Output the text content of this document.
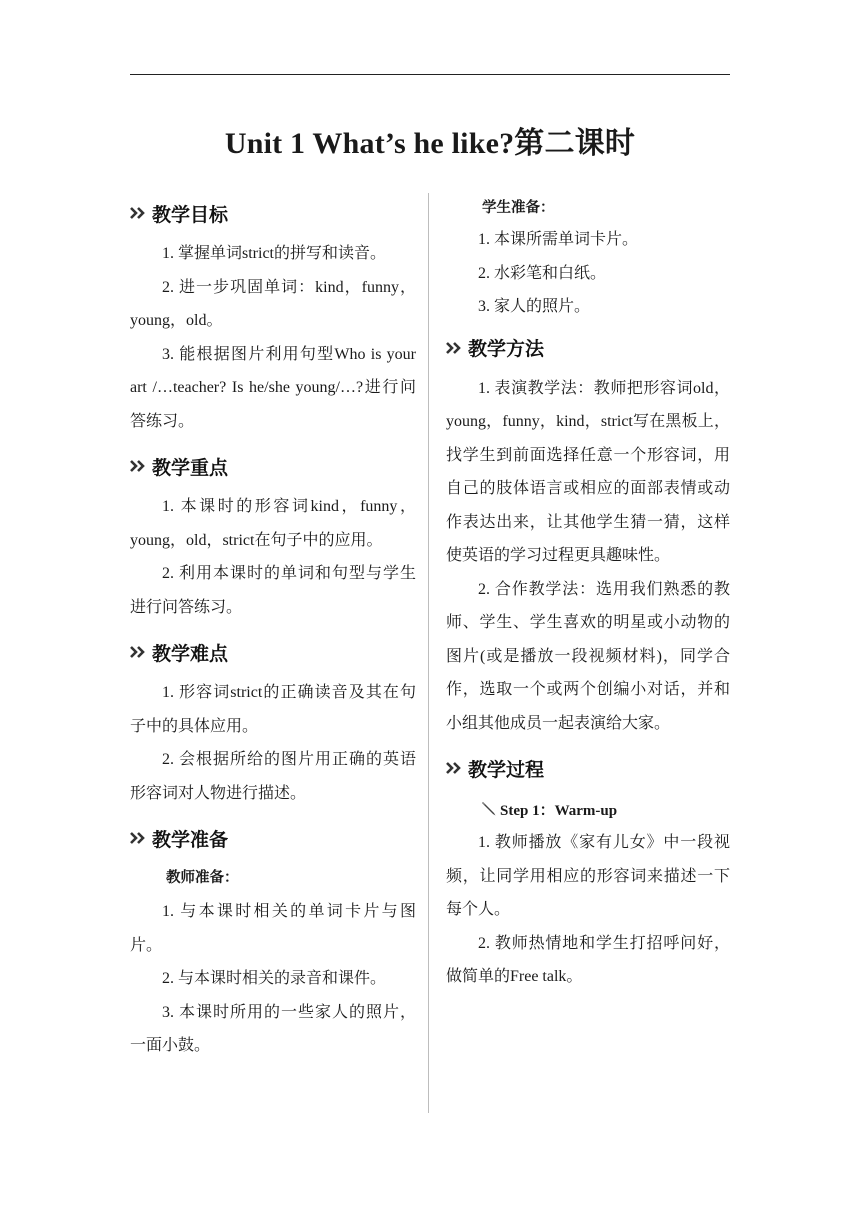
Unit 1 What’s he like?第二课时
教学目标

1. 掌握单词strict的拼写和读音。

2. 进一步巩固单词：kind，funny，young，old。

3. 能根据图片利用句型Who is your art /…teacher? Is he/she young/…?进行问答练习。

教学重点

1. 本课时的形容词kind，funny，young，old，strict在句子中的应用。

2. 利用本课时的单词和句型与学生进行问答练习。

教学难点

1. 形容词strict的正确读音及其在句子中的具体应用。

2. 会根据所给的图片用正确的英语形容词对人物进行描述。

教学准备

教师准备：

1. 与本课时相关的单词卡片与图片。

2. 与本课时相关的录音和课件。

3. 本课时所用的一些家人的照片，一面小鼓。

学生准备：

1. 本课所需单词卡片。

2. 水彩笔和白纸。

3. 家人的照片。

教学方法

1. 表演教学法：教师把形容词old，young，funny，kind，strict写在黑板上，找学生到前面选择任意一个形容词，用自己的肢体语言或相应的面部表情或动作表达出来，让其他学生猜一猜，这样使英语的学习过程更具趣味性。

2. 合作教学法：选用我们熟悉的教师、学生、学生喜欢的明星或小动物的图片(或是播放一段视频材料)，同学合作，选取一个或两个创编小对话，并和小组其他成员一起表演给大家。

教学过程
Step 1：Warm-up

1. 教师播放《家有儿女》中一段视频，让同学用相应的形容词来描述一下每个人。

2. 教师热情地和学生打招呼问好，做简单的Free talk。
